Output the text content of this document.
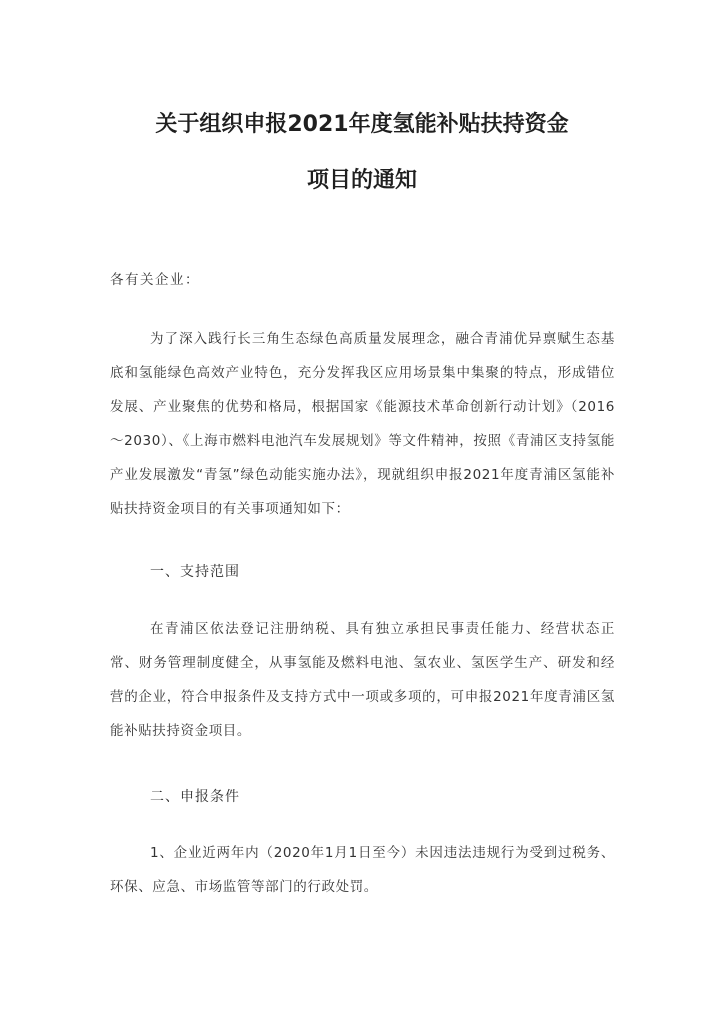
关于组织申报2021年度氢能补贴扶持资金
项目的通知

各有关企业：

为了深入践行长三角生态绿色高质量发展理念，融合青浦优异禀赋生态基底和氢能绿色高效产业特色，充分发挥我区应用场景集中集聚的特点，形成错位发展、产业聚焦的优势和格局，根据国家《能源技术革命创新行动计划》（2016～2030）、《上海市燃料电池汽车发展规划》等文件精神，按照《青浦区支持氢能产业发展激发“青氢”绿色动能实施办法》，现就组织申报2021年度青浦区氢能补贴扶持资金项目的有关事项通知如下：

一、支持范围

在青浦区依法登记注册纳税、具有独立承担民事责任能力、经营状态正常、财务管理制度健全，从事氢能及燃料电池、氢农业、氢医学生产、研发和经营的企业，符合申报条件及支持方式中一项或多项的，可申报2021年度青浦区氢能补贴扶持资金项目。

二、申报条件

1、企业近两年内（2020年1月1日至今）未因违法违规行为受到过税务、环保、应急、市场监管等部门的行政处罚。
